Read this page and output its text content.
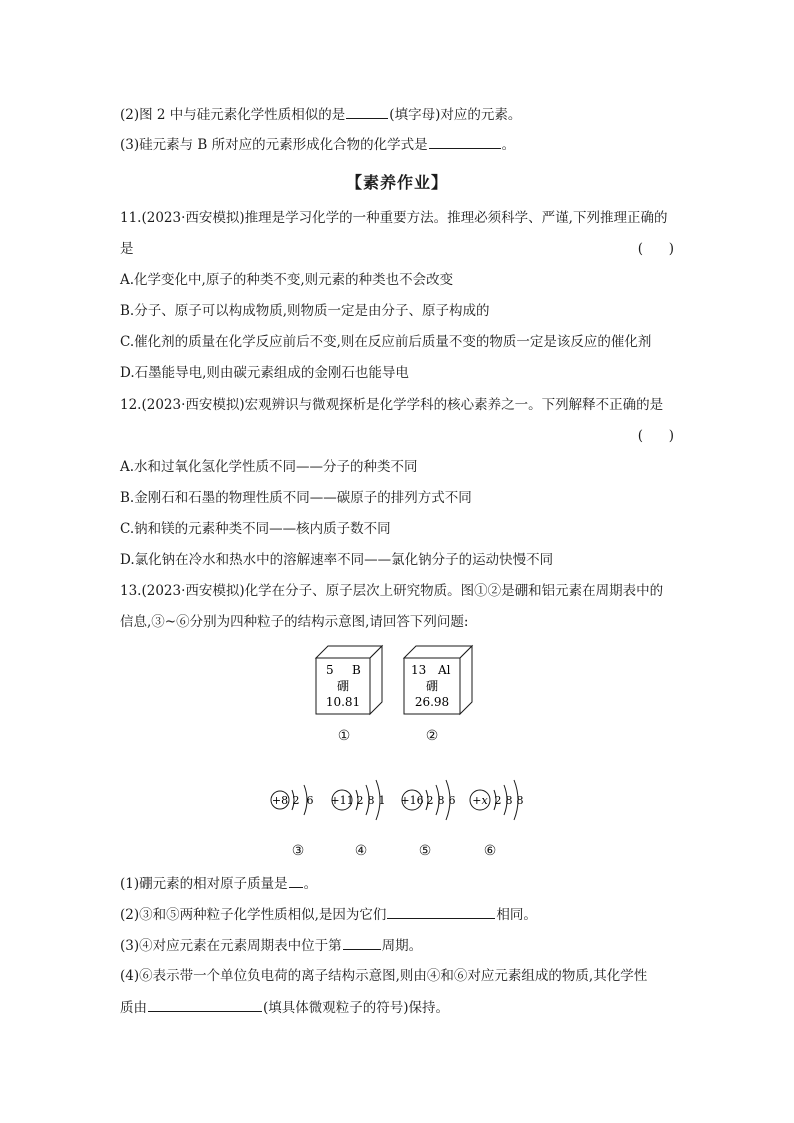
(2)图 2 中与硅元素化学性质相似的是	(填字母)对应的元素。
(3)硅元素与 B 所对应的元素形成化合物的化学式是	。
【素养作业】
11.(2023·西安模拟)推理是学习化学的一种重要方法。推理必须科学、严谨,下列推理正确的
是	(      )
A.化学变化中,原子的种类不变,则元素的种类也不会改变
B.分子、原子可以构成物质,则物质一定是由分子、原子构成的
C.催化剂的质量在化学反应前后不变,则在反应前后质量不变的物质一定是该反应的催化剂
D.石墨能导电,则由碳元素组成的金刚石也能导电
12.(2023·西安模拟)宏观辨识与微观探析是化学学科的核心素养之一。下列解释不正确的是
(      )
A.水和过氧化氢化学性质不同——分子的种类不同
B.金刚石和石墨的物理性质不同——碳原子的排列方式不同
C.钠和镁的元素种类不同——核内质子数不同
D.氯化钠在冷水和热水中的溶解速率不同——氯化钠分子的运动快慢不同
13.(2023·西安模拟)化学在分子、原子层次上研究物质。图①②是硼和铝元素在周期表中的
信息,③~⑥分别为四种粒子的结构示意图,请回答下列问题:
5 B
硼
10.81
13 Al
硼
26.98
①	②
+8 2 6 +11 2 8 1 +16 2 8 6 +x 2 8 8
③	④	⑤	⑥
(1)硼元素的相对原子质量是 。
(2)③和⑤两种粒子化学性质相似,是因为它们	相同。
(3)④对应元素在元素周期表中位于第	周期。
(4)⑥表示带一个单位负电荷的离子结构示意图,则由④和⑥对应元素组成的物质,其化学性
质由	(填具体微观粒子的符号)保持。
